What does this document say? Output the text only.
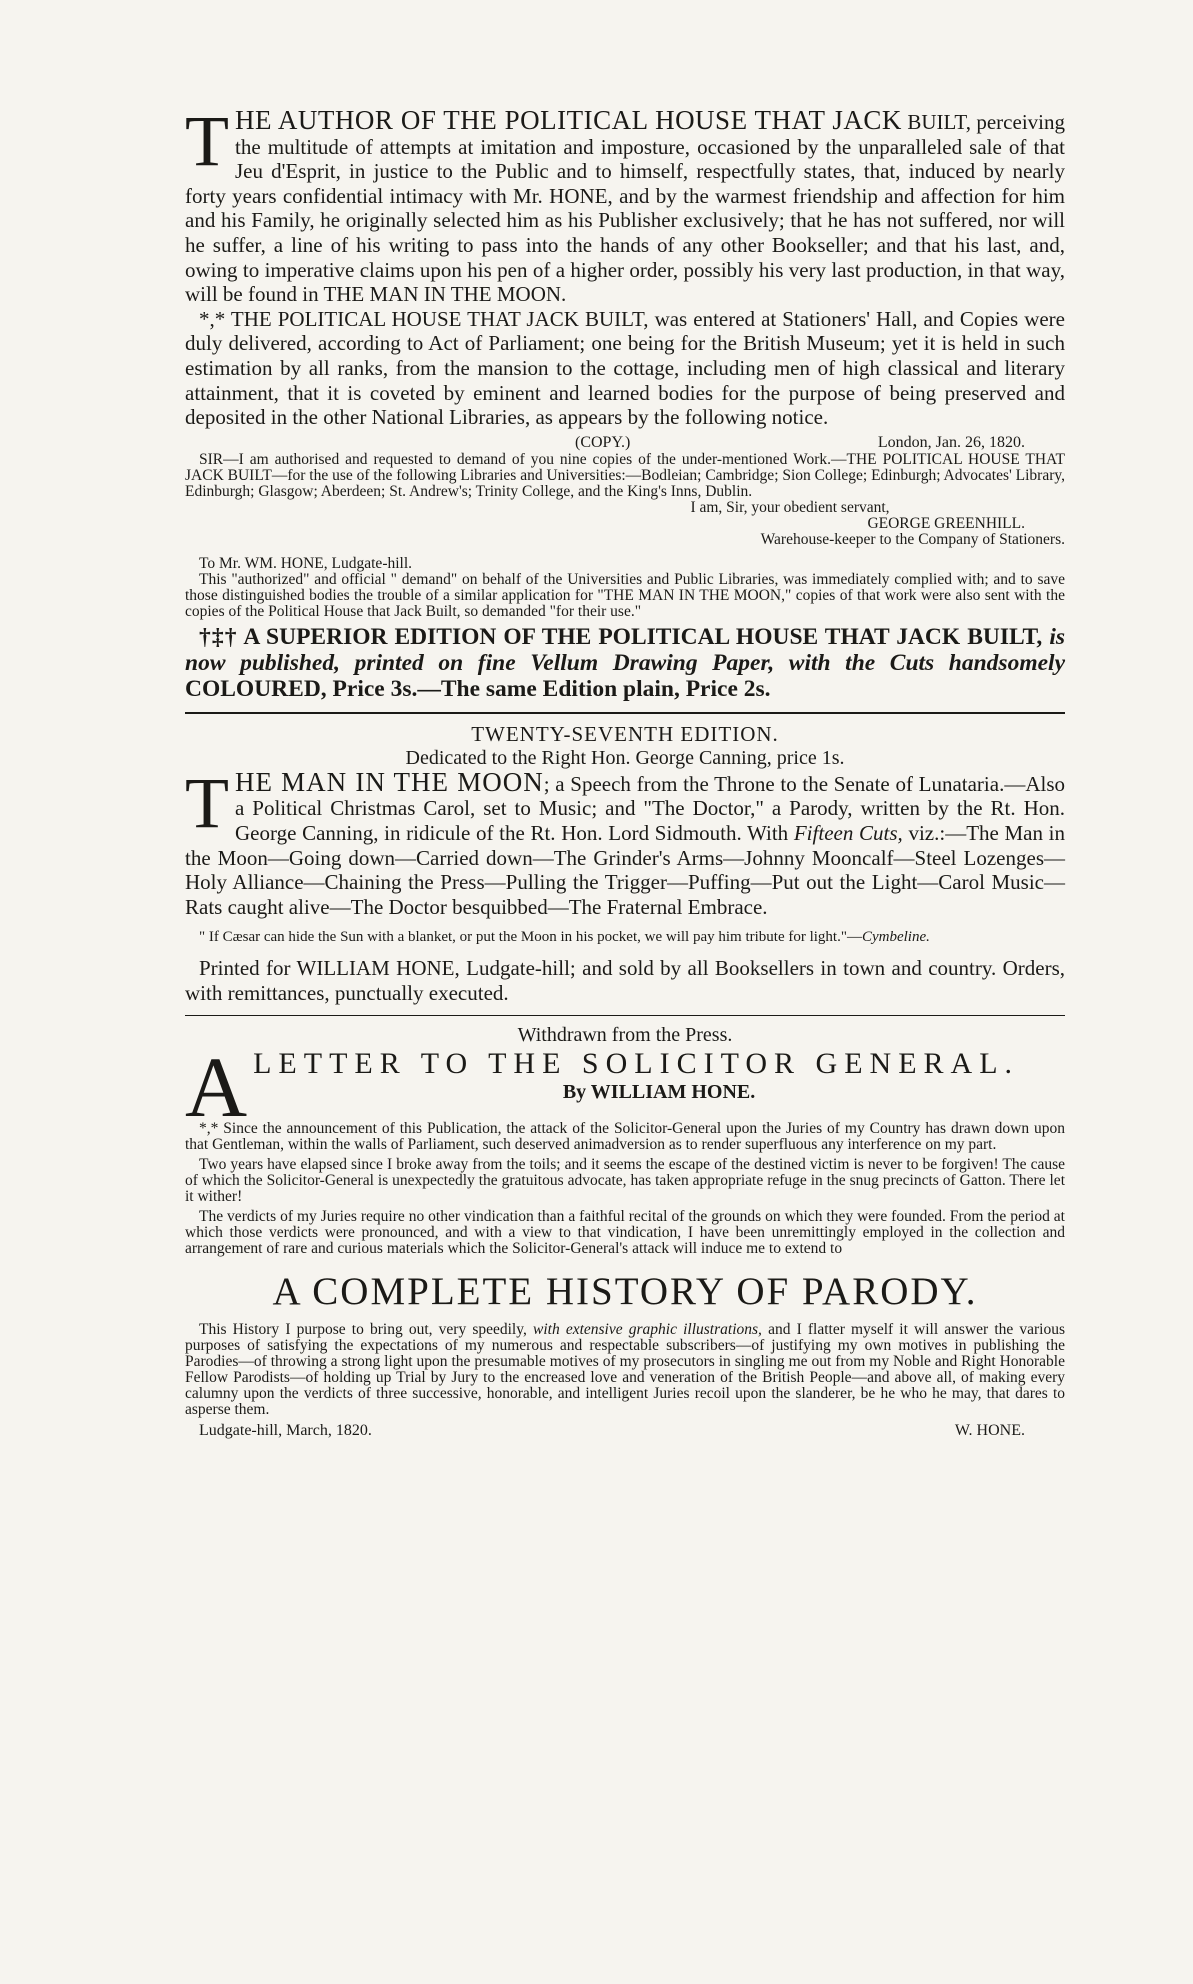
T HE AUTHOR OF THE POLITICAL HOUSE THAT JACK BUILT, perceiving the multitude of attempts at imitation and imposture, occasioned by the unparalleled sale of that Jeu d'Esprit, in justice to the Public and to himself, respectfully states, that, induced by nearly forty years confidential intimacy with Mr. HONE, and by the warmest friendship and affection for him and his Family, he originally selected him as his Publisher exclusively; that he has not suffered, nor will he suffer, a line of his writing to pass into the hands of any other Bookseller; and that his last, and, owing to imperative claims upon his pen of a higher order, possibly his very last production, in that way, will be found in THE MAN IN THE MOON.

*,* THE POLITICAL HOUSE THAT JACK BUILT, was entered at Stationers' Hall, and Copies were duly delivered, according to Act of Parliament; one being for the British Museum; yet it is held in such estimation by all ranks, from the mansion to the cottage, including men of high classical and literary attainment, that it is coveted by eminent and learned bodies for the purpose of being preserved and deposited in the other National Libraries, as appears by the following notice.

(COPY.)	London, Jan. 26, 1820.

SIR—I am authorised and requested to demand of you nine copies of the under-mentioned Work.—THE POLITICAL HOUSE THAT JACK BUILT—for the use of the following Libraries and Universities:—Bodleian; Cambridge; Sion College; Edinburgh; Advocates' Library, Edinburgh; Glasgow; Aberdeen; St. Andrew's; Trinity College, and the King's Inns, Dublin.

I am, Sir, your obedient servant,

GEORGE GREENHILL.

Warehouse-keeper to the Company of Stationers.

To Mr. WM. HONE, Ludgate-hill.

This "authorized" and official " demand" on behalf of the Universities and Public Libraries, was immediately complied with; and to save those distinguished bodies the trouble of a similar application for "THE MAN IN THE MOON," copies of that work were also sent with the copies of the Political House that Jack Built, so demanded "for their use."

†‡† A SUPERIOR EDITION OF THE POLITICAL HOUSE THAT JACK BUILT, is now published, printed on fine Vellum Drawing Paper, with the Cuts handsomely COLOURED, Price 3s.—The same Edition plain, Price 2s.

TWENTY-SEVENTH EDITION.

Dedicated to the Right Hon. George Canning, price 1s.

T HE MAN IN THE MOON; a Speech from the Throne to the Senate of Lunataria.—Also a Political Christmas Carol, set to Music; and "The Doctor," a Parody, written by the Rt. Hon. George Canning, in ridicule of the Rt. Hon. Lord Sidmouth. With Fifteen Cuts, viz.:—The Man in the Moon—Going down—Carried down—The Grinder's Arms—Johnny Mooncalf—Steel Lozenges—Holy Alliance—Chaining the Press—Pulling the Trigger—Puffing—Put out the Light—Carol Music—Rats caught alive—The Doctor besquibbed—The Fraternal Embrace.

" If Cæsar can hide the Sun with a blanket, or put the Moon in his pocket, we will pay him tribute for light."—Cymbeline.

Printed for WILLIAM HONE, Ludgate-hill; and sold by all Booksellers in town and country. Orders, with remittances, punctually executed.

Withdrawn from the Press.

A LETTER TO THE SOLICITOR GENERAL.

By WILLIAM HONE.

*,* Since the announcement of this Publication, the attack of the Solicitor-General upon the Juries of my Country has drawn down upon that Gentleman, within the walls of Parliament, such deserved animadversion as to render superfluous any interference on my part.

Two years have elapsed since I broke away from the toils; and it seems the escape of the destined victim is never to be forgiven! The cause of which the Solicitor-General is unexpectedly the gratuitous advocate, has taken appropriate refuge in the snug precincts of Gatton. There let it wither!

The verdicts of my Juries require no other vindication than a faithful recital of the grounds on which they were founded. From the period at which those verdicts were pronounced, and with a view to that vindication, I have been unremittingly employed in the collection and arrangement of rare and curious materials which the Solicitor-General's attack will induce me to extend to

A COMPLETE HISTORY OF PARODY.

This History I purpose to bring out, very speedily, with extensive graphic illustrations, and I flatter myself it will answer the various purposes of satisfying the expectations of my numerous and respectable subscribers—of justifying my own motives in publishing the Parodies—of throwing a strong light upon the presumable motives of my prosecutors in singling me out from my Noble and Right Honorable Fellow Parodists—of holding up Trial by Jury to the encreased love and veneration of the British People—and above all, of making every calumny upon the verdicts of three successive, honorable, and intelligent Juries recoil upon the slanderer, be he who he may, that dares to asperse them.

Ludgate-hill, March, 1820.	W. HONE.
